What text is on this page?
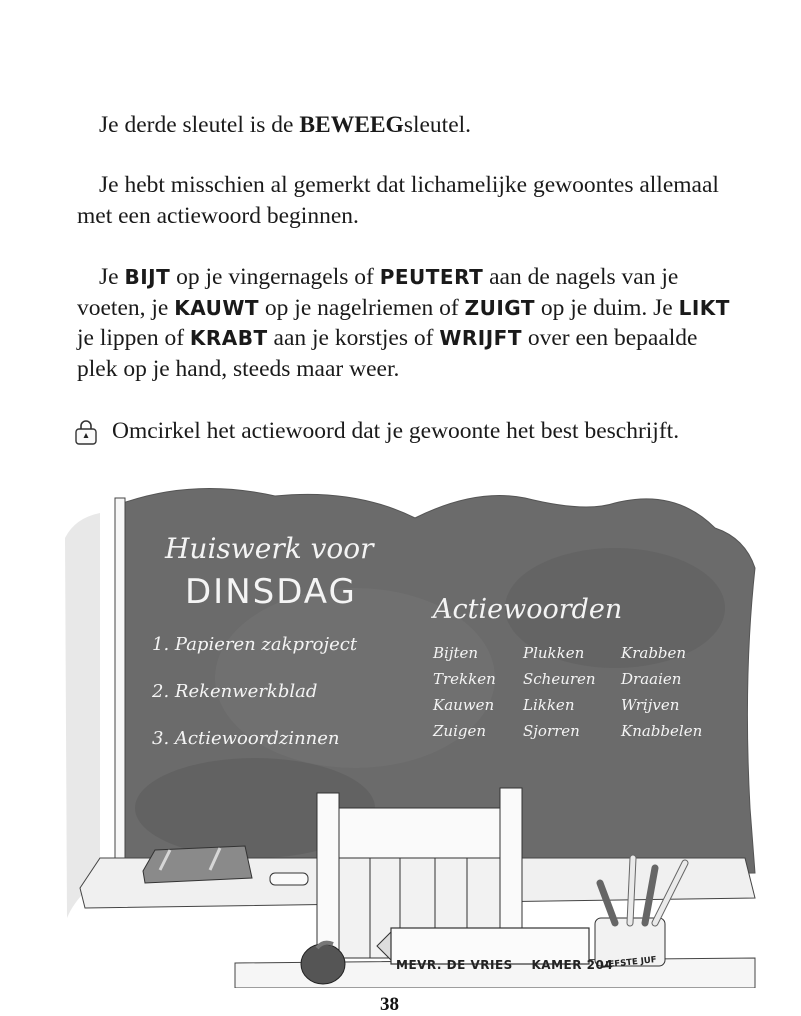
Je derde sleutel is de BEWEEGsleutel.

Je hebt misschien al gemerkt dat lichamelijke gewoontes allemaal met een actiewoord beginnen.

Je BIJT op je vingernagels of PEUTERT aan de nagels van je voeten, je KAUWT op je nagelriemen of ZUIGT op je duim. Je LIKT je lippen of KRABT aan je korstjes of WRIJFT over een bepaalde plek op je hand, steeds maar weer.

Omcirkel het actiewoord dat je gewoonte het best beschrijft.

Huiswerk voor
DINSDAG
1. Papieren zakproject
2. Rekenwerkblad
3. Actiewoordzinnen
Actiewoorden
Bijten	Plukken	Krabben
Trekken	Scheuren	Draaien
Kauwen	Likken	Wrijven
Zuigen	Sjorren	Knabbelen
MEVR. DE VRIES    KAMER 204
LIEFSTE JUF
38
